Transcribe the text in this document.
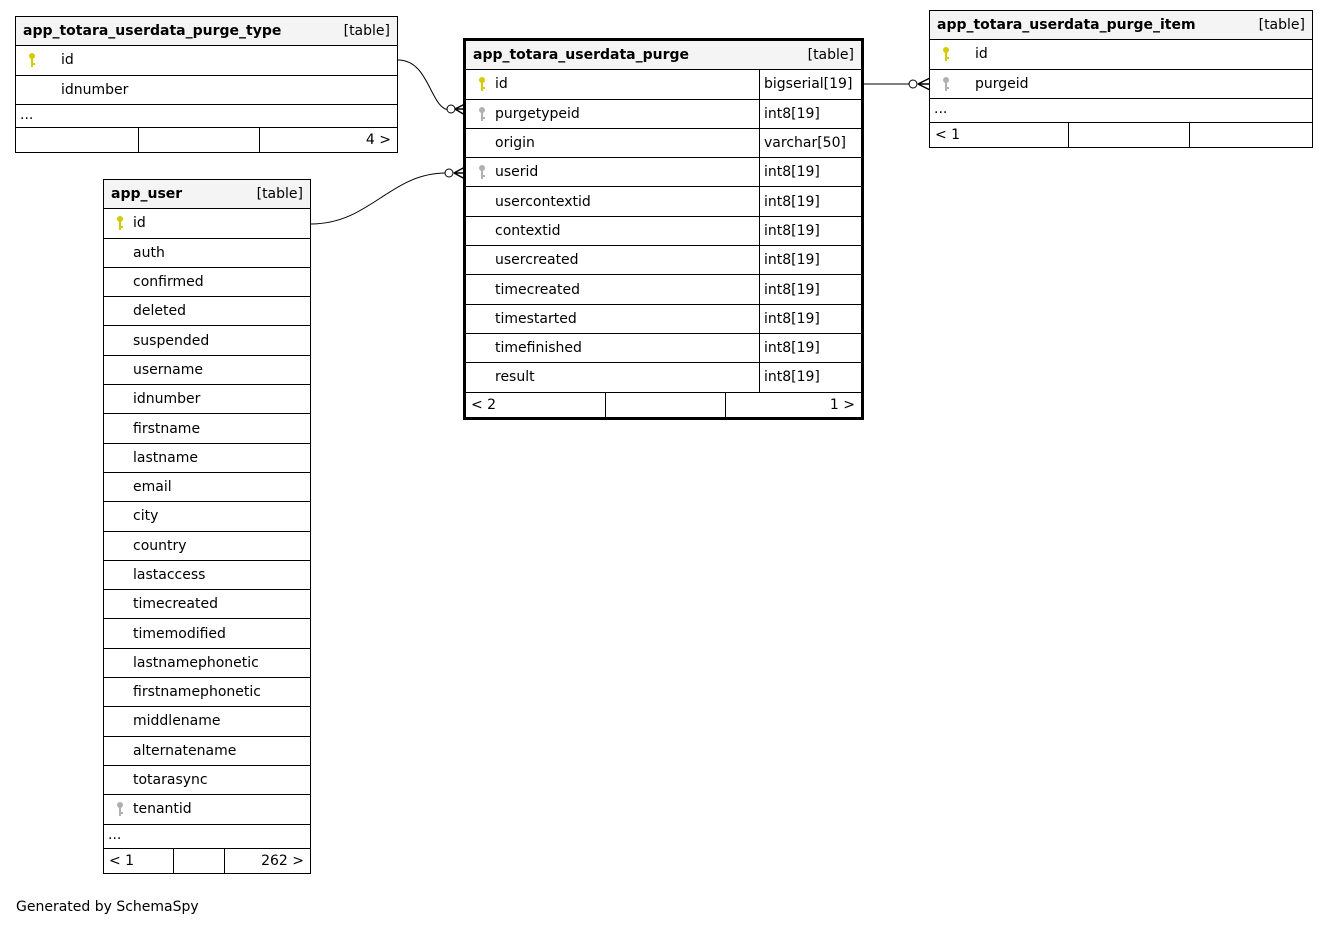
app_totara_userdata_purge_type	[table]
id
idnumber
...
4 >
app_user	[table]
id
auth
confirmed
deleted
suspended
username
idnumber
firstname
lastname
email
city
country
lastaccess
timecreated
timemodified
lastnamephonetic
firstnamephonetic
middlename
alternatename
totarasync
tenantid
...
< 1	262 >
app_totara_userdata_purge	[table]
id	bigserial[19]
purgetypeid	int8[19]
origin	varchar[50]
userid	int8[19]
usercontextid	int8[19]
contextid	int8[19]
usercreated	int8[19]
timecreated	int8[19]
timestarted	int8[19]
timefinished	int8[19]
result	int8[19]
< 2	1 >
app_totara_userdata_purge_item	[table]
id
purgeid
...
< 1
Generated by SchemaSpy
